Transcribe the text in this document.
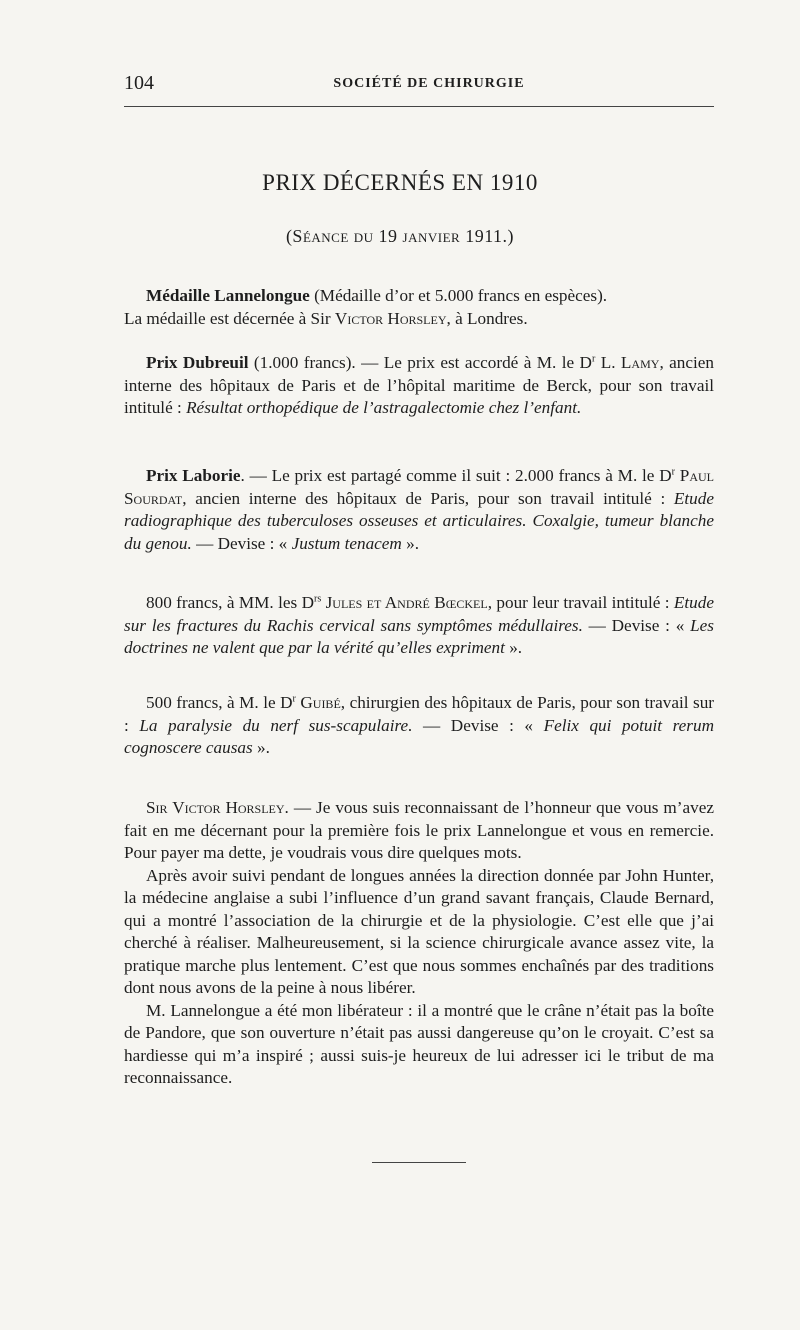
104	SOCIÉTÉ DE CHIRURGIE
PRIX DÉCERNÉS EN 1910
(Séance du 19 janvier 1911.)

Médaille Lannelongue (Médaille d’or et 5.000 francs en espèces).

La médaille est décernée à Sir Victor Horsley, à Londres.

Prix Dubreuil (1.000 francs). — Le prix est accordé à M. le $D^r$ L. Lamy, ancien interne des hôpitaux de Paris et de l’hôpital maritime de Berck, pour son travail intitulé : Résultat orthopédique de l’astragalectomie chez l’enfant.

Prix Laborie. — Le prix est partagé comme il suit : 2.000 francs à M. le $D^r$ Paul Sourdat, ancien interne des hôpitaux de Paris, pour son travail intitulé : Etude radiographique des tuberculoses osseuses et articulaires. Coxalgie, tumeur blanche du genou. — Devise : « Justum tenacem ».

800 francs, à MM. les $D^{rs}$ Jules et André Bœckel, pour leur travail intitulé : Etude sur les fractures du Rachis cervical sans symptômes médullaires. — Devise : « Les doctrines ne valent que par la vérité qu’elles expriment ».

500 francs, à M. le $D^r$ Guibé, chirurgien des hôpitaux de Paris, pour son travail sur : La paralysie du nerf sus-scapulaire. — Devise : « Felix qui potuit rerum cognoscere causas ».

Sir Victor Horsley. — Je vous suis reconnaissant de l’honneur que vous m’avez fait en me décernant pour la première fois le prix Lannelongue et vous en remercie. Pour payer ma dette, je voudrais vous dire quelques mots.

Après avoir suivi pendant de longues années la direction donnée par John Hunter, la médecine anglaise a subi l’influence d’un grand savant français, Claude Bernard, qui a montré l’association de la chirurgie et de la physiologie. C’est elle que j’ai cherché à réaliser. Malheureusement, si la science chirurgicale avance assez vite, la pratique marche plus lentement. C’est que nous sommes enchaînés par des traditions dont nous avons de la peine à nous libérer.

M. Lannelongue a été mon libérateur : il a montré que le crâne n’était pas la boîte de Pandore, que son ouverture n’était pas aussi dangereuse qu’on le croyait. C’est sa hardiesse qui m’a inspiré ; aussi suis-je heureux de lui adresser ici le tribut de ma reconnaissance.
